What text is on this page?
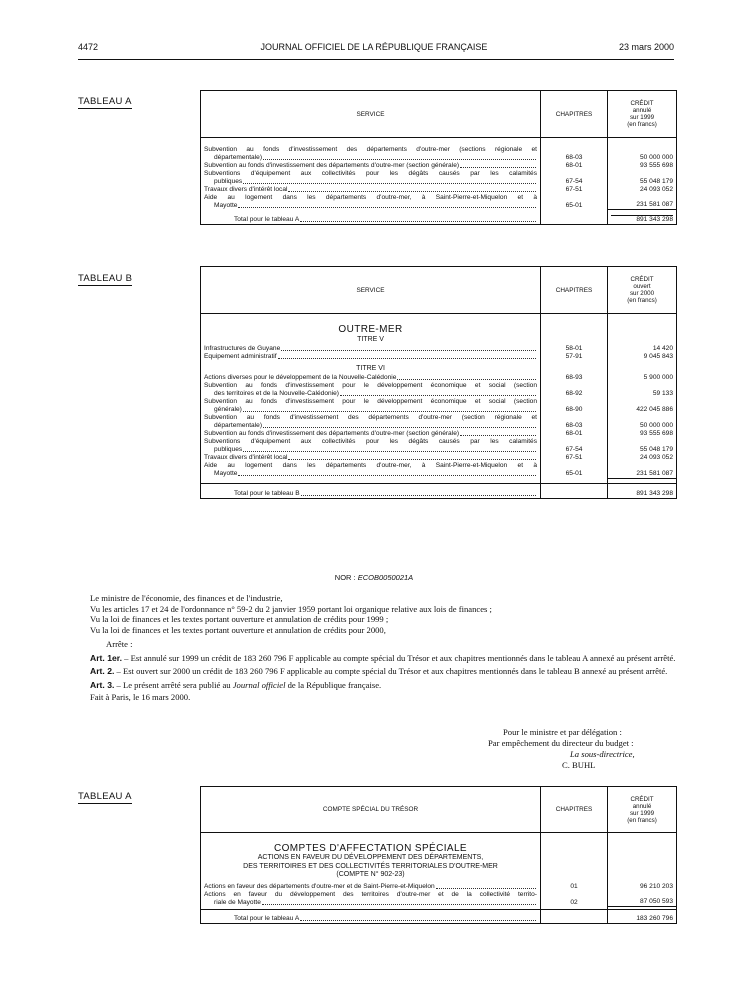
4472	JOURNAL OFFICIEL DE LA RÉPUBLIQUE FRANÇAISE	23 mars 2000
TABLEAU A
SERVICE	CHAPITRES	CRÉDIT
annulé
sur 1999
(en francs)

Subvention au fonds d'investissement des départements d'outre-mer (sections régionale et
départementale)	68-03	50 000 000

Subvention au fonds d'investissement des départements d'outre-mer (section générale)	68-01	93 555 698

Subventions d'équipement aux collectivités pour les dégâts causés par les calamités
publiques	67-54	55 048 179

Travaux divers d'intérêt local	67-51	24 093 052

Aide au logement dans les départements d'outre-mer, à Saint-Pierre-et-Miquelon et à
Mayotte	65-01	231 581 087

Total pour le tableau A		891 343 298
TABLEAU B
SERVICE	CHAPITRES	CRÉDIT
ouvert
sur 2000
(en francs)

OUTRE-MER
TITRE V		

Infrastructures de Guyane	58-01	14 420

Equipement administratif	57-91	9 045 843

TITRE VI		

Actions diverses pour le développement de la Nouvelle-Calédonie	68-93	5 900 000

Subvention au fonds d'investissement pour le développement économique et social (section
des territoires et de la Nouvelle-Calédonie)	68-92	59 133

Subvention au fonds d'investissement pour le développement économique et social (section
générale)	68-90	422 045 886

Subvention au fonds d'investissement des départements d'outre-mer (section régionale et
départementale)	68-03	50 000 000

Subvention au fonds d'investissement des départements d'outre-mer (section générale)	68-01	93 555 698

Subventions d'équipement aux collectivités pour les dégâts causés par les calamités
publiques	67-54	55 048 179

Travaux divers d'intérêt local	67-51	24 093 052

Aide au logement dans les départements d'outre-mer, à Saint-Pierre-et-Miquelon et à
Mayotte	65-01	231 581 087

Total pour le tableau B		891 343 298
NOR : ECOB0050021A

Le ministre de l'économie, des finances et de l'industrie,

Vu les articles 17 et 24 de l'ordonnance n° 59-2 du 2 janvier 1959 portant loi organique relative aux lois de finances ;

Vu la loi de finances et les textes portant ouverture et annulation de crédits pour 1999 ;

Vu la loi de finances et les textes portant ouverture et annulation de crédits pour 2000,

Arrête :

Art. 1er. – Est annulé sur 1999 un crédit de 183 260 796 F applicable au compte spécial du Trésor et aux chapitres mentionnés dans le tableau A annexé au présent arrêté.

Art. 2. – Est ouvert sur 2000 un crédit de 183 260 796 F applicable au compte spécial du Trésor et aux chapitres mentionnés dans le tableau B annexé au présent arrêté.

Art. 3. – Le présent arrêté sera publié au Journal officiel de la République française.

Fait à Paris, le 16 mars 2000.

Pour le ministre et par délégation :
Par empêchement du directeur du budget :
La sous-directrice,
C. BUHL
TABLEAU A
COMPTE SPÉCIAL DU TRÉSOR	CHAPITRES	CRÉDIT
annulé
sur 1999
(en francs)

COMPTES D'AFFECTATION SPÉCIALE
ACTIONS EN FAVEUR DU DÉVELOPPEMENT DES DÉPARTEMENTS,
DES TERRITOIRES ET DES COLLECTIVITÉS TERRITORIALES D'OUTRE-MER
(COMPTE N° 902-23)		

Actions en faveur des départements d'outre-mer et de Saint-Pierre-et-Miquelon	01	96 210 203

Actions en faveur du développement des territoires d'outre-mer et de la collectivité territo-
riale de Mayotte	02	87 050 593

Total pour le tableau A		183 260 796
